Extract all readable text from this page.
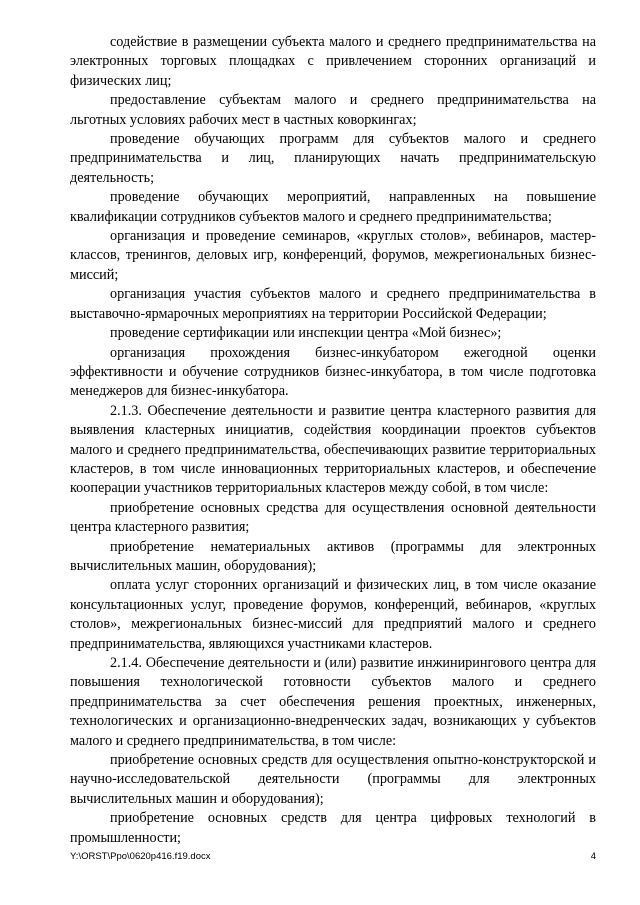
содействие в размещении субъекта малого и среднего предпринимательства на электронных торговых площадках с привлечением сторонних организаций и физических лиц;

предоставление субъектам малого и среднего предпринимательства на льготных условиях рабочих мест в частных коворкингах;

проведение обучающих программ для субъектов малого и среднего предпринимательства и лиц, планирующих начать предпринимательскую деятельность;

проведение обучающих мероприятий, направленных на повышение квалификации сотрудников субъектов малого и среднего предпринимательства;

организация и проведение семинаров, «круглых столов», вебинаров, мастер-классов, тренингов, деловых игр, конференций, форумов, межрегиональных бизнес-миссий;

организация участия субъектов малого и среднего предпринимательства в выставочно-ярмарочных мероприятиях на территории Российской Федерации;

проведение сертификации или инспекции центра «Мой бизнес»;

организация прохождения бизнес-инкубатором ежегодной оценки эффективности и обучение сотрудников бизнес-инкубатора, в том числе подготовка менеджеров для бизнес-инкубатора.

2.1.3. Обеспечение деятельности и развитие центра кластерного развития для выявления кластерных инициатив, содействия координации проектов субъектов малого и среднего предпринимательства, обеспечивающих развитие территориальных кластеров, в том числе инновационных территориальных кластеров, и обеспечение кооперации участников территориальных кластеров между собой, в том числе:

приобретение основных средства для осуществления основной деятельности центра кластерного развития;

приобретение нематериальных активов (программы для электронных вычислительных машин, оборудования);

оплата услуг сторонних организаций и физических лиц, в том числе оказание консультационных услуг, проведение форумов, конференций, вебинаров, «круглых столов», межрегиональных бизнес-миссий для предприятий малого и среднего предпринимательства, являющихся участниками кластеров.

2.1.4. Обеспечение деятельности и (или) развитие инжинирингового центра для повышения технологической готовности субъектов малого и среднего предпринимательства за счет обеспечения решения проектных, инженерных, технологических и организационно-внедренческих задач, возникающих у субъектов малого и среднего предпринимательства, в том числе:

приобретение основных средств для осуществления опытно-конструкторской и научно-исследовательской деятельности (программы для электронных вычислительных машин и оборудования);

приобретение основных средств для центра цифровых технологий в промышленности;

Y:\ORST\Ppo\0620p416.f19.docx	4
